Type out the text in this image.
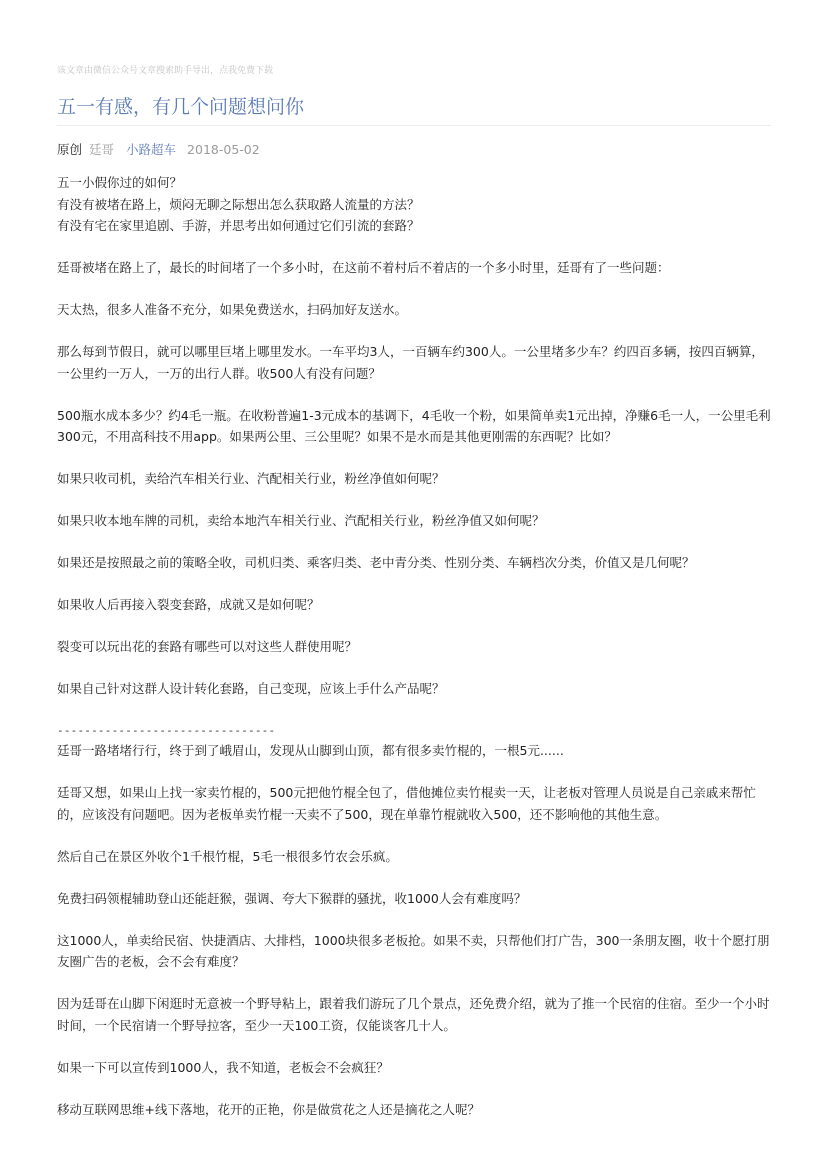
该文章由微信公众号文章搜索助手导出，点我免费下载
五一有感，有几个问题想问你
原创 廷哥 小路超车 2018-05-02

五一小假你过的如何？
有没有被堵在路上，烦闷无聊之际想出怎么获取路人流量的方法？
有没有宅在家里追剧、手游，并思考出如何通过它们引流的套路？

廷哥被堵在路上了，最长的时间堵了一个多小时，在这前不着村后不着店的一个多小时里，廷哥有了一些问题：

天太热，很多人准备不充分，如果免费送水，扫码加好友送水。

那么每到节假日，就可以哪里巨堵上哪里发水。一车平均3人，一百辆车约300人。一公里堵多少车？约四百多辆，按四百辆算，一公里约一万人，一万的出行人群。收500人有没有问题？

500瓶水成本多少？约4毛一瓶。在收粉普遍1-3元成本的基调下，4毛收一个粉，如果简单卖1元出掉，净赚6毛一人，一公里毛利300元，不用高科技不用app。如果两公里、三公里呢？如果不是水而是其他更刚需的东西呢？比如？

如果只收司机，卖给汽车相关行业、汽配相关行业，粉丝净值如何呢？

如果只收本地车牌的司机，卖给本地汽车相关行业、汽配相关行业，粉丝净值又如何呢？

如果还是按照最之前的策略全收，司机归类、乘客归类、老中青分类、性别分类、车辆档次分类，价值又是几何呢？

如果收人后再接入裂变套路，成就又是如何呢？

裂变可以玩出花的套路有哪些可以对这些人群使用呢？

如果自己针对这群人设计转化套路，自己变现，应该上手什么产品呢？

--------------------------------

廷哥一路堵堵行行，终于到了峨眉山，发现从山脚到山顶，都有很多卖竹棍的，一根5元......

廷哥又想，如果山上找一家卖竹棍的，500元把他竹棍全包了，借他摊位卖竹棍卖一天，让老板对管理人员说是自己亲戚来帮忙的，应该没有问题吧。因为老板单卖竹棍一天卖不了500，现在单靠竹棍就收入500，还不影响他的其他生意。

然后自己在景区外收个1千根竹棍，5毛一根很多竹农会乐疯。

免费扫码领棍辅助登山还能赶猴，强调、夸大下猴群的骚扰，收1000人会有难度吗？

这1000人，单卖给民宿、快捷酒店、大排档，1000块很多老板抢。如果不卖，只帮他们打广告，300一条朋友圈，收十个愿打朋友圈广告的老板，会不会有难度？

因为廷哥在山脚下闲逛时无意被一个野导粘上，跟着我们游玩了几个景点，还免费介绍，就为了推一个民宿的住宿。至少一个小时时间，一个民宿请一个野导拉客，至少一天100工资，仅能谈客几十人。

如果一下可以宣传到1000人，我不知道，老板会不会疯狂？

移动互联网思维+线下落地，花开的正艳，你是做赏花之人还是摘花之人呢？
